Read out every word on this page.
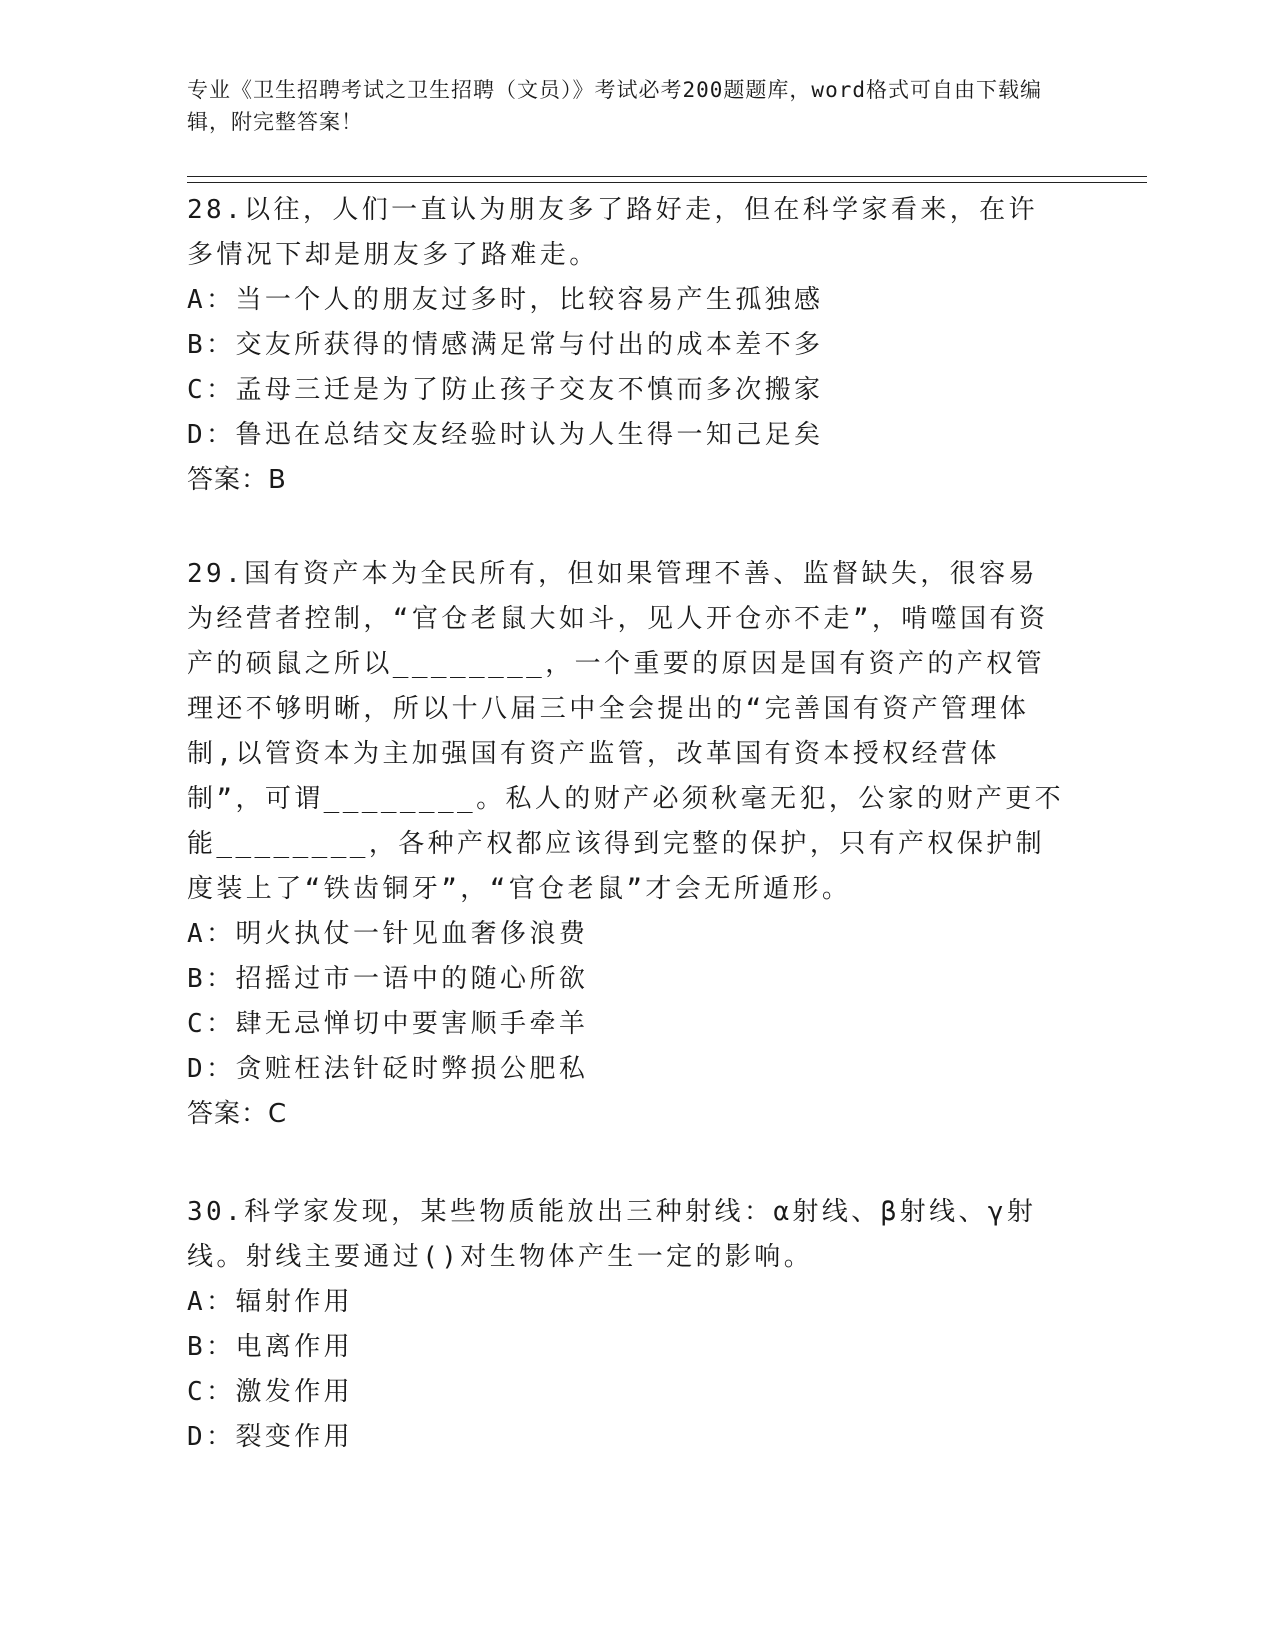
专业《卫生招聘考试之卫生招聘（文员）》考试必考200题题库，word格式可自由下载编辑，附完整答案！
28.以往，人们一直认为朋友多了路好走，但在科学家看来，在许多情况下却是朋友多了路难走。
A：当一个人的朋友过多时，比较容易产生孤独感
B：交友所获得的情感满足常与付出的成本差不多
C：孟母三迁是为了防止孩子交友不慎而多次搬家
D：鲁迅在总结交友经验时认为人生得一知己足矣
答案：B
29.国有资产本为全民所有，但如果管理不善、监督缺失，很容易为经营者控制，“官仓老鼠大如斗，见人开仓亦不走”，啃噬国有资产的硕鼠之所以________，一个重要的原因是国有资产的产权管理还不够明晰，所以十八届三中全会提出的“完善国有资产管理体制,以管资本为主加强国有资产监管，改革国有资本授权经营体制”，可谓________。私人的财产必须秋毫无犯，公家的财产更不能________，各种产权都应该得到完整的保护，只有产权保护制度装上了“铁齿铜牙”，“官仓老鼠”才会无所遁形。
A：明火执仗一针见血奢侈浪费
B：招摇过市一语中的随心所欲
C：肆无忌惮切中要害顺手牵羊
D：贪赃枉法针砭时弊损公肥私
答案：C
30.科学家发现，某些物质能放出三种射线：α射线、β射线、γ射线。射线主要通过()对生物体产生一定的影响。
A：辐射作用
B：电离作用
C：激发作用
D：裂变作用
